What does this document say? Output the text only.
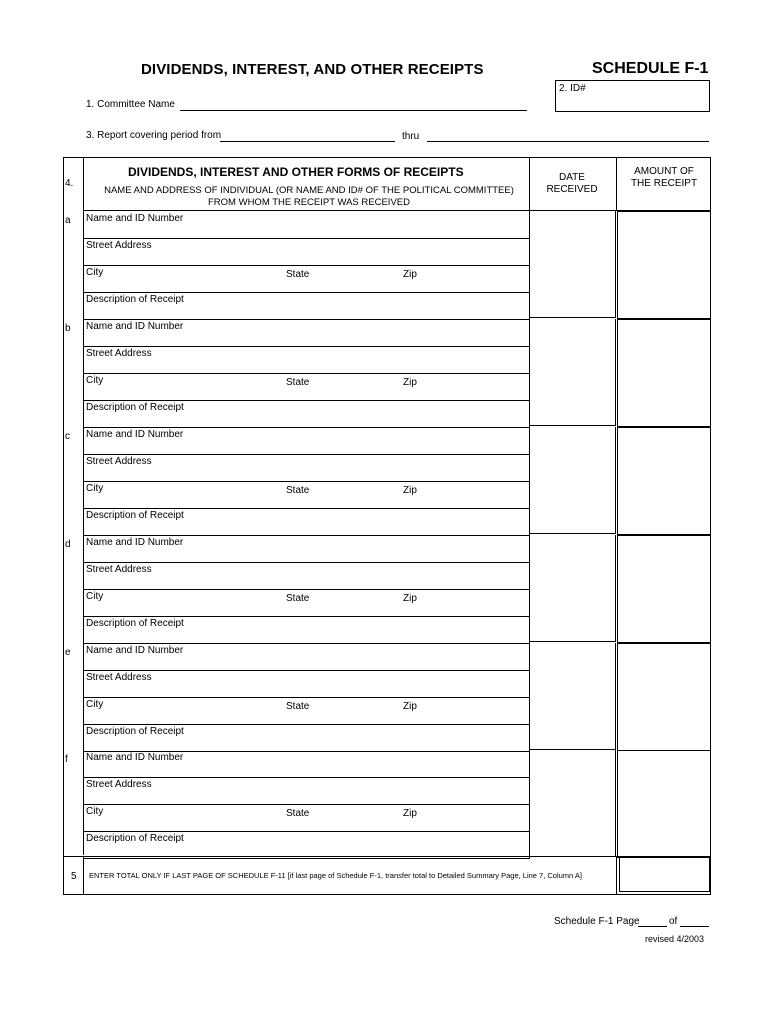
DIVIDENDS, INTEREST, AND OTHER RECEIPTS	SCHEDULE F-1
2. ID#
1. Committee Name
3. Report covering period from	thru
4.
DIVIDENDS, INTEREST AND OTHER FORMS OF RECEIPTS
NAME AND ADDRESS OF INDIVIDUAL (OR NAME AND ID# OF THE POLITICAL COMMITTEE) FROM WHOM THE RECEIPT WAS RECEIVED
DATE RECEIVED
AMOUNT OF THE RECEIPT
a Name and ID Number
Street Address
City	State	Zip
Description of Receipt
b Name and ID Number
Street Address
City	State	Zip
Description of Receipt
c Name and ID Number
Street Address
City	State	Zip
Description of Receipt
d Name and ID Number
Street Address
City	State	Zip
Description of Receipt
e Name and ID Number
Street Address
City	State	Zip
Description of Receipt
f Name and ID Number
Street Address
City	State	Zip
Description of Receipt
5 ENTER TOTAL ONLY IF LAST PAGE OF SCHEDULE F-11 [if last page of Schedule F-1, transfer total to Detailed Summary Page, Line 7, Column A]
Schedule F-1 Page	of
revised 4/2003
